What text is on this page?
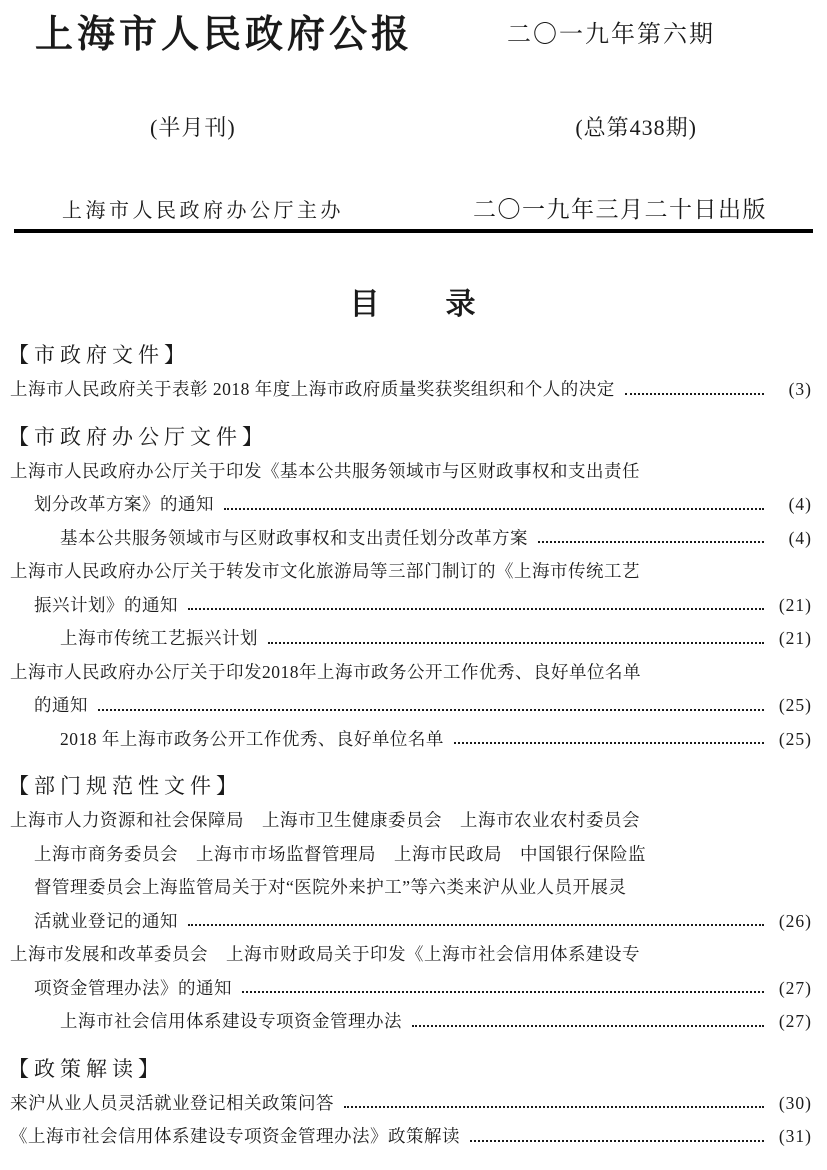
上海市人民政府公报	二〇一九年第六期
(半月刊)	(总第438期)
上海市人民政府办公厅主办	二〇一九年三月二十日出版
目　　录
【市政府文件】
上海市人民政府关于表彰 2018 年度上海市政府质量奖获奖组织和个人的决定	(3)
【市政府办公厅文件】
上海市人民政府办公厅关于印发《基本公共服务领域市与区财政事权和支出责任
划分改革方案》的通知	(4)
基本公共服务领域市与区财政事权和支出责任划分改革方案	(4)
上海市人民政府办公厅关于转发市文化旅游局等三部门制订的《上海市传统工艺
振兴计划》的通知	(21)
上海市传统工艺振兴计划	(21)
上海市人民政府办公厅关于印发2018年上海市政务公开工作优秀、良好单位名单
的通知	(25)
2018 年上海市政务公开工作优秀、良好单位名单	(25)
【部门规范性文件】
上海市人力资源和社会保障局　上海市卫生健康委员会　上海市农业农村委员会
上海市商务委员会　上海市市场监督管理局　上海市民政局　中国银行保险监
督管理委员会上海监管局关于对“医院外来护工”等六类来沪从业人员开展灵
活就业登记的通知	(26)
上海市发展和改革委员会　上海市财政局关于印发《上海市社会信用体系建设专
项资金管理办法》的通知	(27)
上海市社会信用体系建设专项资金管理办法	(27)
【政策解读】
来沪从业人员灵活就业登记相关政策问答	(30)
《上海市社会信用体系建设专项资金管理办法》政策解读	(31)
